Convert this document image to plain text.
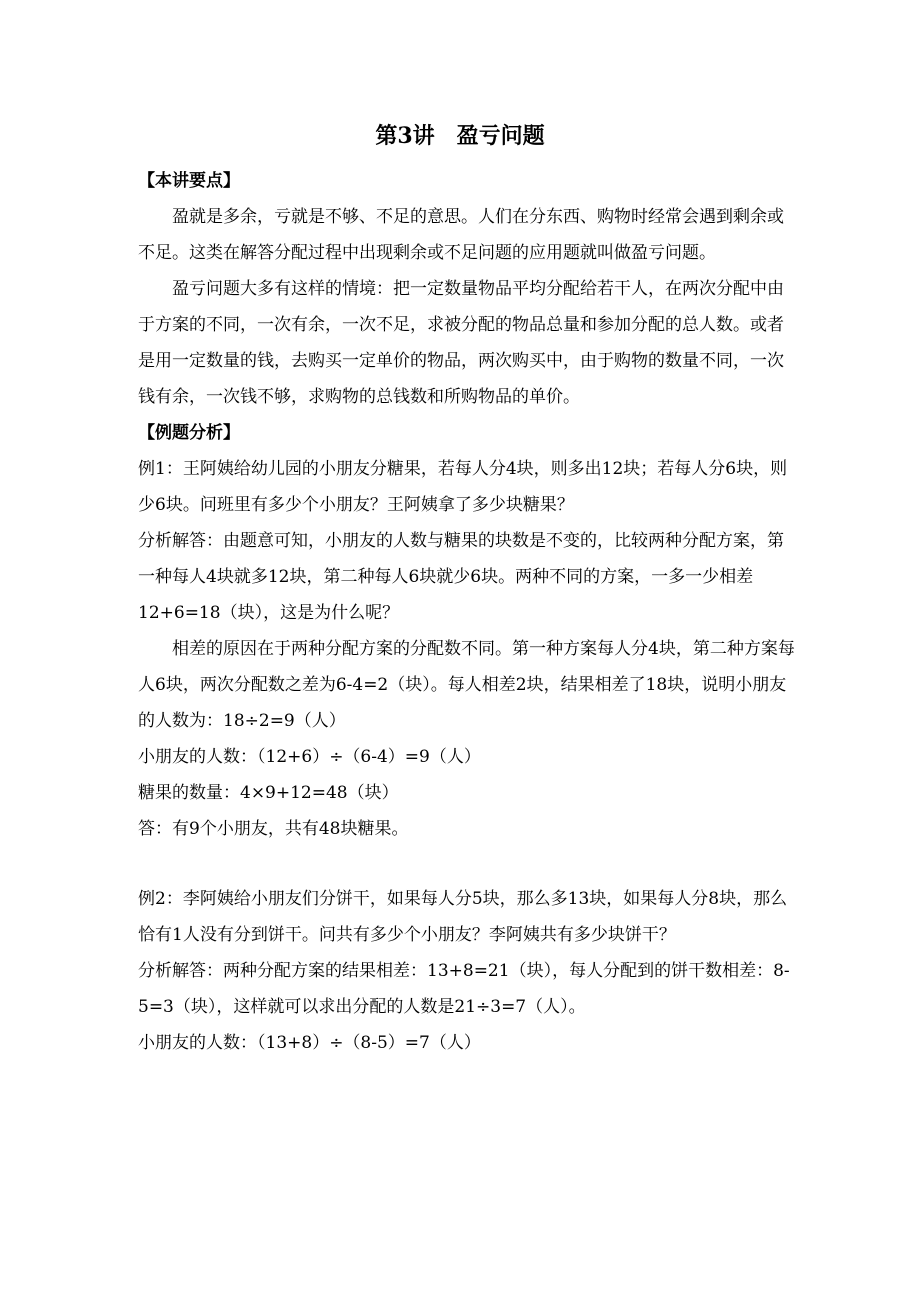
第3讲　盈亏问题

【本讲要点】

盈就是多余，亏就是不够、不足的意思。人们在分东西、购物时经常会遇到剩余或不足。这类在解答分配过程中出现剩余或不足问题的应用题就叫做盈亏问题。

盈亏问题大多有这样的情境：把一定数量物品平均分配给若干人，在两次分配中由于方案的不同，一次有余，一次不足，求被分配的物品总量和参加分配的总人数。或者是用一定数量的钱，去购买一定单价的物品，两次购买中，由于购物的数量不同，一次钱有余，一次钱不够，求购物的总钱数和所购物品的单价。

【例题分析】

例1：王阿姨给幼儿园的小朋友分糖果，若每人分4块，则多出12块；若每人分6块，则少6块。问班里有多少个小朋友？王阿姨拿了多少块糖果？

分析解答：由题意可知，小朋友的人数与糖果的块数是不变的，比较两种分配方案，第一种每人4块就多12块，第二种每人6块就少6块。两种不同的方案，一多一少相差12+6=18（块），这是为什么呢？

相差的原因在于两种分配方案的分配数不同。第一种方案每人分4块，第二种方案每人6块，两次分配数之差为6-4=2（块）。每人相差2块，结果相差了18块，说明小朋友的人数为：18÷2=9（人）

小朋友的人数：（12+6）÷（6-4）=9（人）

糖果的数量：4×9+12=48（块）

答：有9个小朋友，共有48块糖果。

例2：李阿姨给小朋友们分饼干，如果每人分5块，那么多13块，如果每人分8块，那么恰有1人没有分到饼干。问共有多少个小朋友？李阿姨共有多少块饼干？

分析解答：两种分配方案的结果相差：13+8=21（块），每人分配到的饼干数相差：8-5=3（块），这样就可以求出分配的人数是21÷3=7（人）。

小朋友的人数：（13+8）÷（8-5）=7（人）
